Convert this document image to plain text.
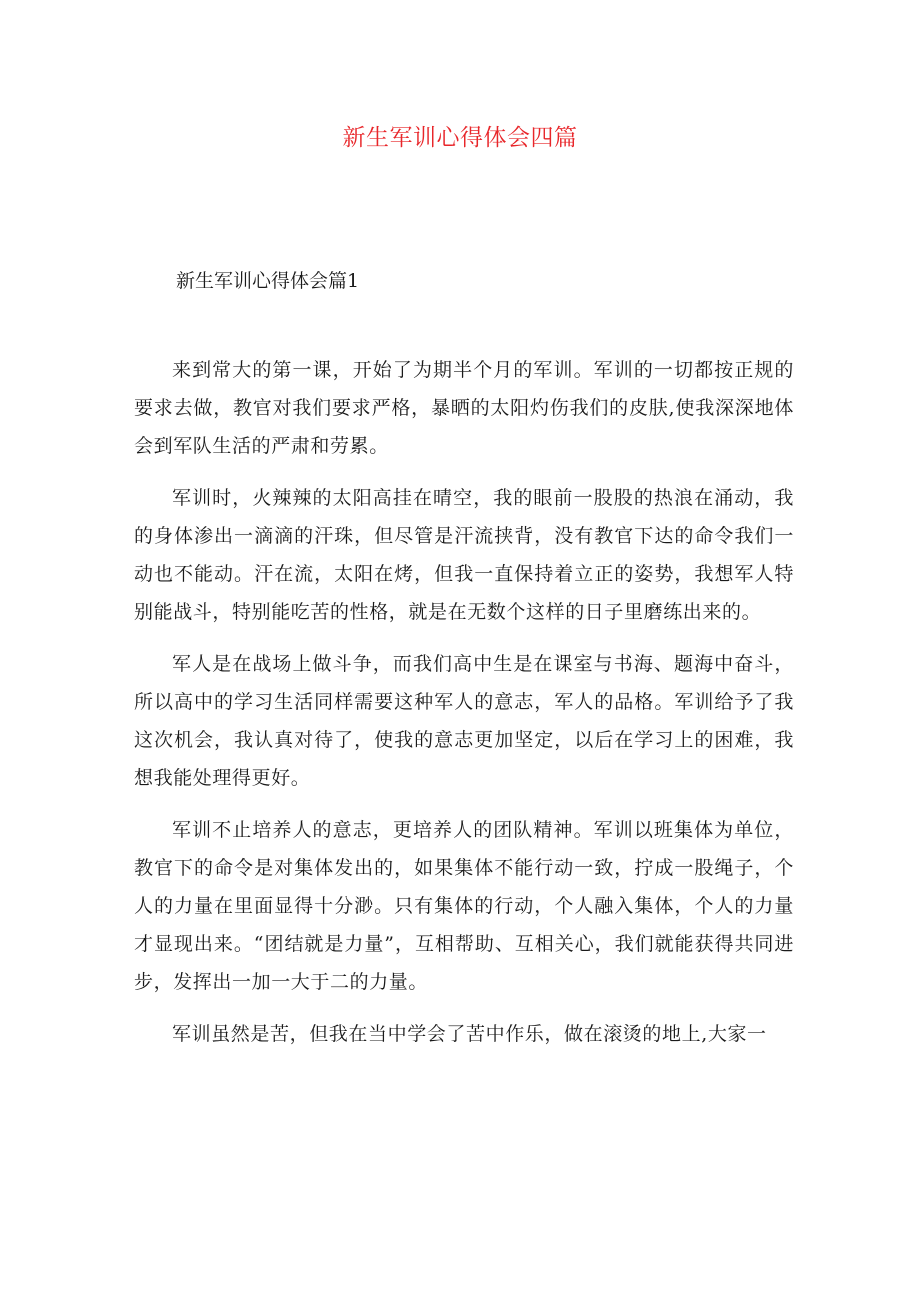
新生军训心得体会四篇
新生军训心得体会篇1

来到常大的第一课，开始了为期半个月的军训。军训的一切都按正规的要求去做，教官对我们要求严格，暴晒的太阳灼伤我们的皮肤,使我深深地体会到军队生活的严肃和劳累。

军训时，火辣辣的太阳高挂在晴空，我的眼前一股股的热浪在涌动，我的身体渗出一滴滴的汗珠，但尽管是汗流挟背，没有教官下达的命令我们一动也不能动。汗在流，太阳在烤，但我一直保持着立正的姿势，我想军人特别能战斗，特别能吃苦的性格，就是在无数个这样的日子里磨练出来的。

军人是在战场上做斗争，而我们高中生是在课室与书海、题海中奋斗，所以高中的学习生活同样需要这种军人的意志，军人的品格。军训给予了我这次机会，我认真对待了，使我的意志更加坚定，以后在学习上的困难，我想我能处理得更好。

军训不止培养人的意志，更培养人的团队精神。军训以班集体为单位，教官下的命令是对集体发出的，如果集体不能行动一致，拧成一股绳子，个人的力量在里面显得十分渺。只有集体的行动，个人融入集体，个人的力量才显现出来。“团结就是力量”，互相帮助、互相关心，我们就能获得共同进步，发挥出一加一大于二的力量。

军训虽然是苦，但我在当中学会了苦中作乐，做在滚烫的地上,大家一
